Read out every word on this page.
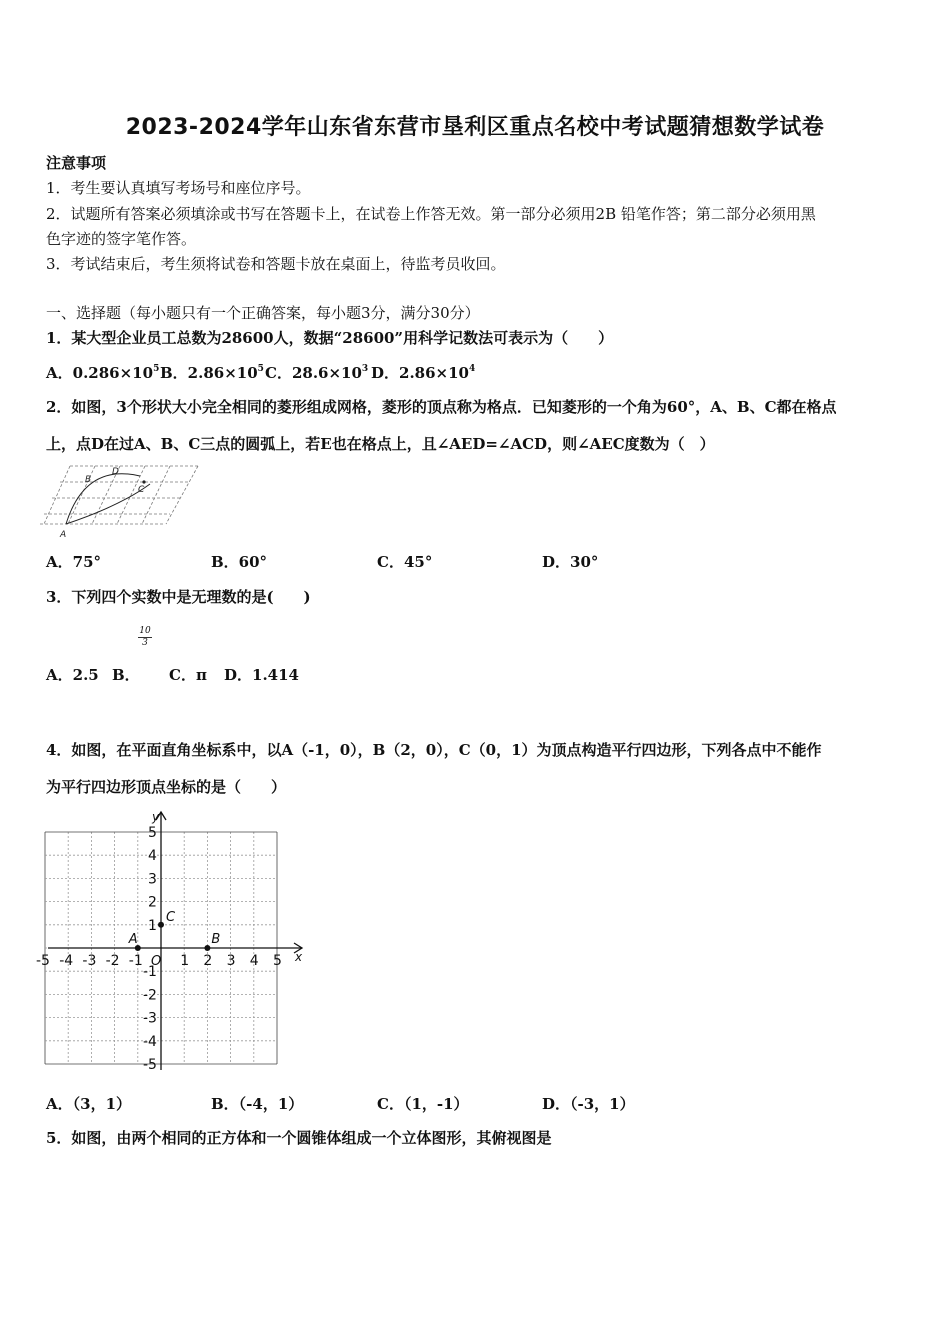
2023-2024学年山东省东营市垦利区重点名校中考试题猜想数学试卷
注意事项
1．考生要认真填写考场号和座位序号。
2．试题所有答案必须填涂或书写在答题卡上，在试卷上作答无效。第一部分必须用2B 铅笔作答；第二部分必须用黑
色字迹的签字笔作答。
3．考试结束后，考生须将试卷和答题卡放在桌面上，待监考员收回。
一、选择题（每小题只有一个正确答案，每小题3分，满分30分）
1．某大型企业员工总数为28600人，数据“28600”用科学记数法可表示为（　　）
A．$0.286\times 10^5$ B．$2.86\times 10^5$ C．$28.6\times 10^3$ D．$2.86\times 10^4$
2．如图，3个形状大小完全相同的菱形组成网格，菱形的顶点称为格点．已知菱形的一个角为60°，A、B、C都在格点
上，点D在过A、B、C三点的圆弧上，若E也在格点上，且∠AED=∠ACD，则∠AEC度数为（　）
A
B
C
D
A．75°	B．60°	C．45°	D．30°
3．下列四个实数中是无理数的是(　　)
$\frac{10}{3}$
A．2.5 B． C．π D．1.414
4．如图，在平面直角坐标系中，以A（-1，0），B（2，0），C（0，1）为顶点构造平行四边形，下列各点中不能作
为平行四边形顶点坐标的是（　　）
x
y
O
-5 -4 -3 -2 -1	1 2 3 4 5
5
4
3
2
1
-1
-2
-3
-4
-5
A	B
C
A．（3，1）	B．（-4，1）	C．（1，-1）	D．（-3，1）
5．如图，由两个相同的正方体和一个圆锥体组成一个立体图形，其俯视图是
